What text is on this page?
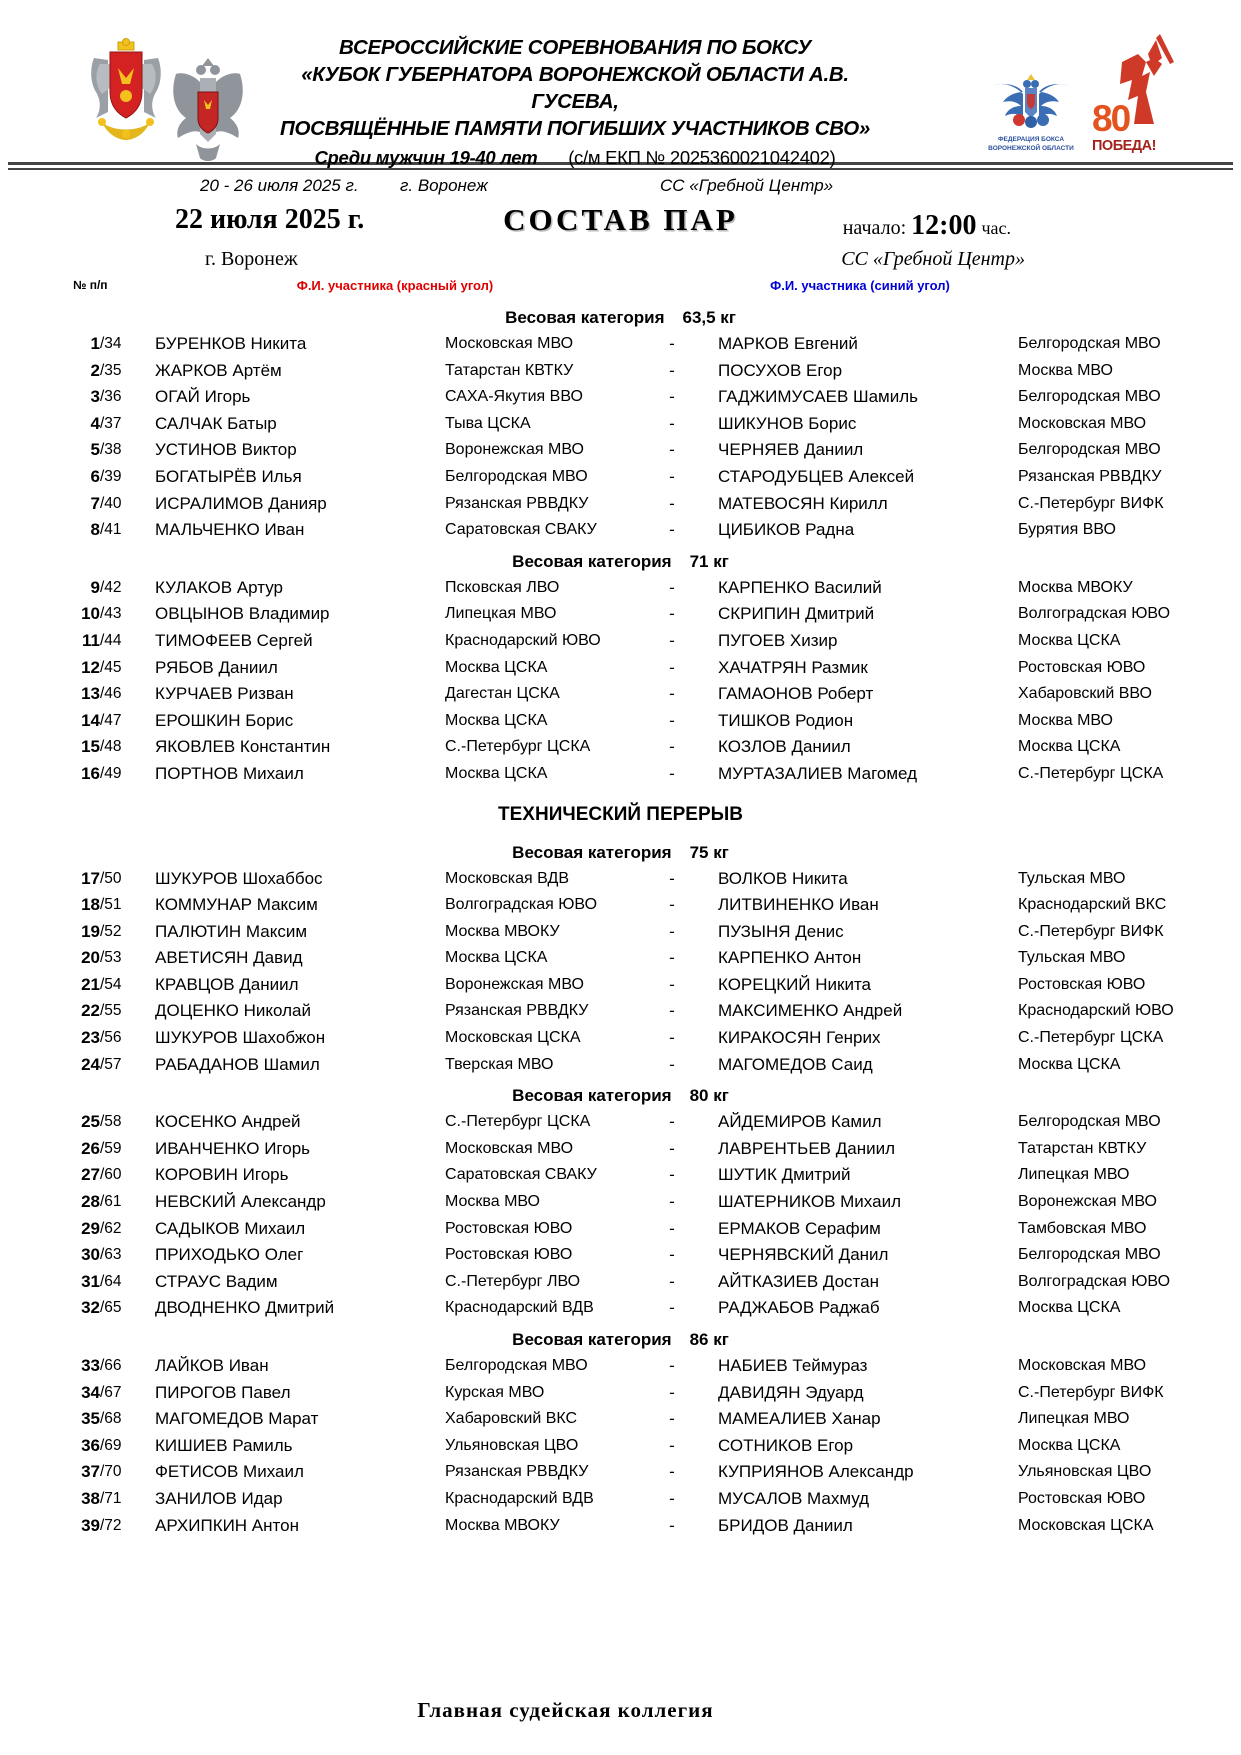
ВСЕРОССИЙСКИЕ СОРЕВНОВАНИЯ ПО БОКСУ
«КУБОК ГУБЕРНАТОРА ВОРОНЕЖСКОЙ ОБЛАСТИ А.В. ГУСЕВА,
ПОСВЯЩЁННЫЕ ПАМЯТИ ПОГИБШИХ УЧАСТНИКОВ СВО»
Среди мужчин 19-40 лет (с/м ЕКП № 2025360021042402)
ФЕДЕРАЦИЯ БОКСА
ВОРОНЕЖСКОЙ ОБЛАСТИ
80
ПОБЕДА!
20 - 26 июля 2025 г. г. Воронеж	СС «Гребной Центр»
22 июля 2025 г.	СОСТАВ ПАР	начало: 12:00 час.
г. Воронеж	СС «Гребной Центр»
№ п/п	Ф.И. участника (красный угол)	Ф.И. участника (синий угол)
Весовая категория 63,5 кг
1 /34 БУРЕНКОВ Никита	Московская МВО	-	МАРКОВ Евгений	Белгородская МВО
2 /35 ЖАРКОВ Артём	Татарстан КВТКУ	-	ПОСУХОВ Егор	Москва МВО
3 /36 ОГАЙ Игорь	САХА-Якутия ВВО	-	ГАДЖИМУСАЕВ Шамиль	Белгородская МВО
4 /37 САЛЧАК Батыр	Тыва ЦСКА	-	ШИКУНОВ Борис	Московская МВО
5 /38 УСТИНОВ Виктор	Воронежская МВО	-	ЧЕРНЯЕВ Даниил	Белгородская МВО
6 /39 БОГАТЫРЁВ Илья	Белгородская МВО	-	СТАРОДУБЦЕВ Алексей	Рязанская РВВДКУ
7 /40 ИСРАЛИМОВ Данияр	Рязанская РВВДКУ	-	МАТЕВОСЯН Кирилл	С.-Петербург ВИФК
8 /41 МАЛЬЧЕНКО Иван	Саратовская СВАКУ	-	ЦИБИКОВ Радна	Бурятия ВВО
Весовая категория 71 кг
9 /42 КУЛАКОВ Артур	Псковская ЛВО	-	КАРПЕНКО Василий	Москва МВОКУ
10 /43 ОВЦЫНОВ Владимир	Липецкая МВО	-	СКРИПИН Дмитрий	Волгоградская ЮВО
11 /44 ТИМОФЕЕВ Сергей	Краснодарский ЮВО	-	ПУГОЕВ Хизир	Москва ЦСКА
12 /45 РЯБОВ Даниил	Москва ЦСКА	-	ХАЧАТРЯН Размик	Ростовская ЮВО
13 /46 КУРЧАЕВ Ризван	Дагестан ЦСКА	-	ГАМАОНОВ Роберт	Хабаровский ВВО
14 /47 ЕРОШКИН Борис	Москва ЦСКА	-	ТИШКОВ Родион	Москва МВО
15 /48 ЯКОВЛЕВ Константин	С.-Петербург ЦСКА	-	КОЗЛОВ Даниил	Москва ЦСКА
16 /49 ПОРТНОВ Михаил	Москва ЦСКА	-	МУРТАЗАЛИЕВ Магомед	С.-Петербург ЦСКА
ТЕХНИЧЕСКИЙ ПЕРЕРЫВ
Весовая категория 75 кг
17 /50 ШУКУРОВ Шохаббос	Московская ВДВ	-	ВОЛКОВ Никита	Тульская МВО
18 /51 КОММУНАР Максим	Волгоградская ЮВО	-	ЛИТВИНЕНКО Иван	Краснодарский ВКС
19 /52 ПАЛЮТИН Максим	Москва МВОКУ	-	ПУЗЫНЯ Денис	С.-Петербург ВИФК
20 /53 АВЕТИСЯН Давид	Москва ЦСКА	-	КАРПЕНКО Антон	Тульская МВО
21 /54 КРАВЦОВ Даниил	Воронежская МВО	-	КОРЕЦКИЙ Никита	Ростовская ЮВО
22 /55 ДОЦЕНКО Николай	Рязанская РВВДКУ	-	МАКСИМЕНКО Андрей	Краснодарский ЮВО
23 /56 ШУКУРОВ Шахобжон	Московская ЦСКА	-	КИРАКОСЯН Генрих	С.-Петербург ЦСКА
24 /57 РАБАДАНОВ Шамил	Тверская МВО	-	МАГОМЕДОВ Саид	Москва ЦСКА
Весовая категория 80 кг
25 /58 КОСЕНКО Андрей	С.-Петербург ЦСКА	-	АЙДЕМИРОВ Камил	Белгородская МВО
26 /59 ИВАНЧЕНКО Игорь	Московская МВО	-	ЛАВРЕНТЬЕВ Даниил	Татарстан КВТКУ
27 /60 КОРОВИН Игорь	Саратовская СВАКУ	-	ШУТИК Дмитрий	Липецкая МВО
28 /61 НЕВСКИЙ Александр	Москва МВО	-	ШАТЕРНИКОВ Михаил	Воронежская МВО
29 /62 САДЫКОВ Михаил	Ростовская ЮВО	-	ЕРМАКОВ Серафим	Тамбовская МВО
30 /63 ПРИХОДЬКО Олег	Ростовская ЮВО	-	ЧЕРНЯВСКИЙ Данил	Белгородская МВО
31 /64 СТРАУС Вадим	С.-Петербург ЛВО	-	АЙТКАЗИЕВ Достан	Волгоградская ЮВО
32 /65 ДВОДНЕНКО Дмитрий	Краснодарский ВДВ	-	РАДЖАБОВ Раджаб	Москва ЦСКА
Весовая категория 86 кг
33 /66 ЛАЙКОВ Иван	Белгородская МВО	-	НАБИЕВ Теймураз	Московская МВО
34 /67 ПИРОГОВ Павел	Курская МВО	-	ДАВИДЯН Эдуард	С.-Петербург ВИФК
35 /68 МАГОМЕДОВ Марат	Хабаровский ВКС	-	МАМЕАЛИЕВ Ханар	Липецкая МВО
36 /69 КИШИЕВ Рамиль	Ульяновская ЦВО	-	СОТНИКОВ Егор	Москва ЦСКА
37 /70 ФЕТИСОВ Михаил	Рязанская РВВДКУ	-	КУПРИЯНОВ Александр	Ульяновская ЦВО
38 /71 ЗАНИЛОВ Идар	Краснодарский ВДВ	-	МУСАЛОВ Махмуд	Ростовская ЮВО
39 /72 АРХИПКИН Антон	Москва МВОКУ	-	БРИДОВ Даниил	Московская ЦСКА
Главная судейская коллегия
